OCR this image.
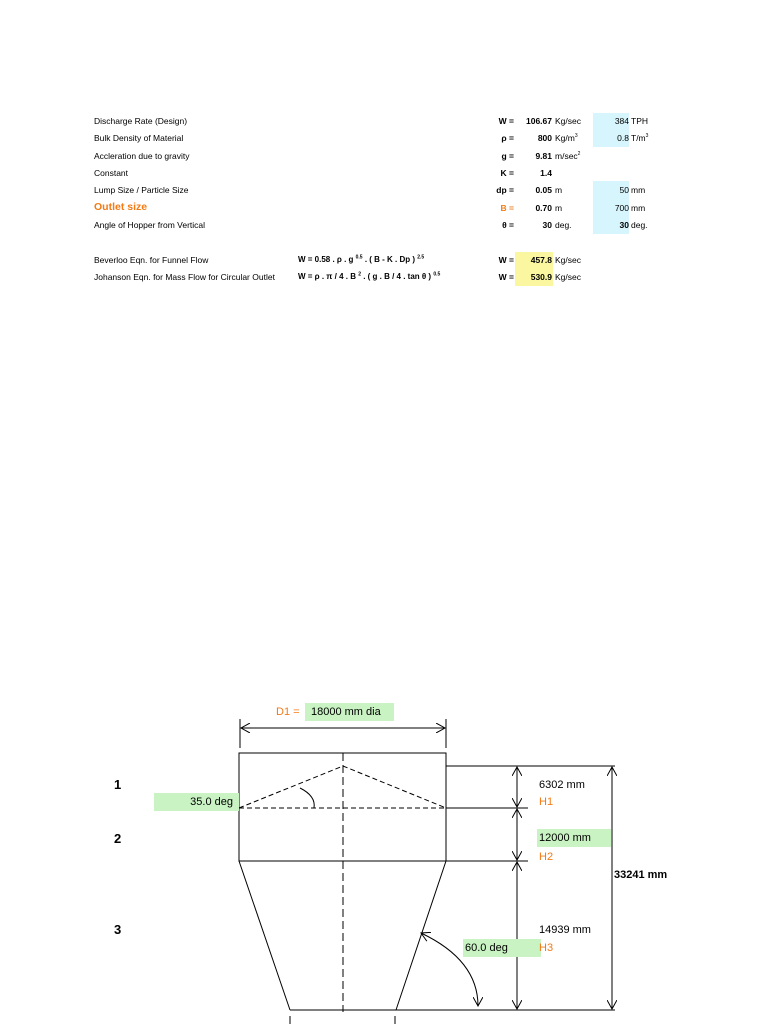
Discharge Rate (Design)	W =	106.67 Kg/sec	384 TPH
Bulk Density of Material	ρ =	800 $Kg/m^3$	0.8 $T/m^3$
Accleration due to gravity	g =	9.81 $m/\sec^2$
Constant	K =	1.4
Lump Size / Particle Size	dp =	0.05 m	50 mm
Outlet size	B =	0.70 m	700 mm
Angle of Hopper from Vertical	θ =	30 deg.	30 deg.
Beverloo Eqn. for Funnel Flow	W = 0.58 . ρ . g $^{0.5}$ . ( B - K . Dp ) $^{2.5}$	W =	457.8 Kg/sec
Johanson Eqn. for Mass Flow for Circular Outlet	W = ρ . π / 4 . B $^2$ . ( g . B / 4 . tan θ ) $^{0.5}$	W =	530.9 Kg/sec
D1 =	18000 mm dia
1
2
3
35.0 deg
60.0 deg
6302 mm
H1
12000 mm
H2
14939 mm
H3
33241 mm
